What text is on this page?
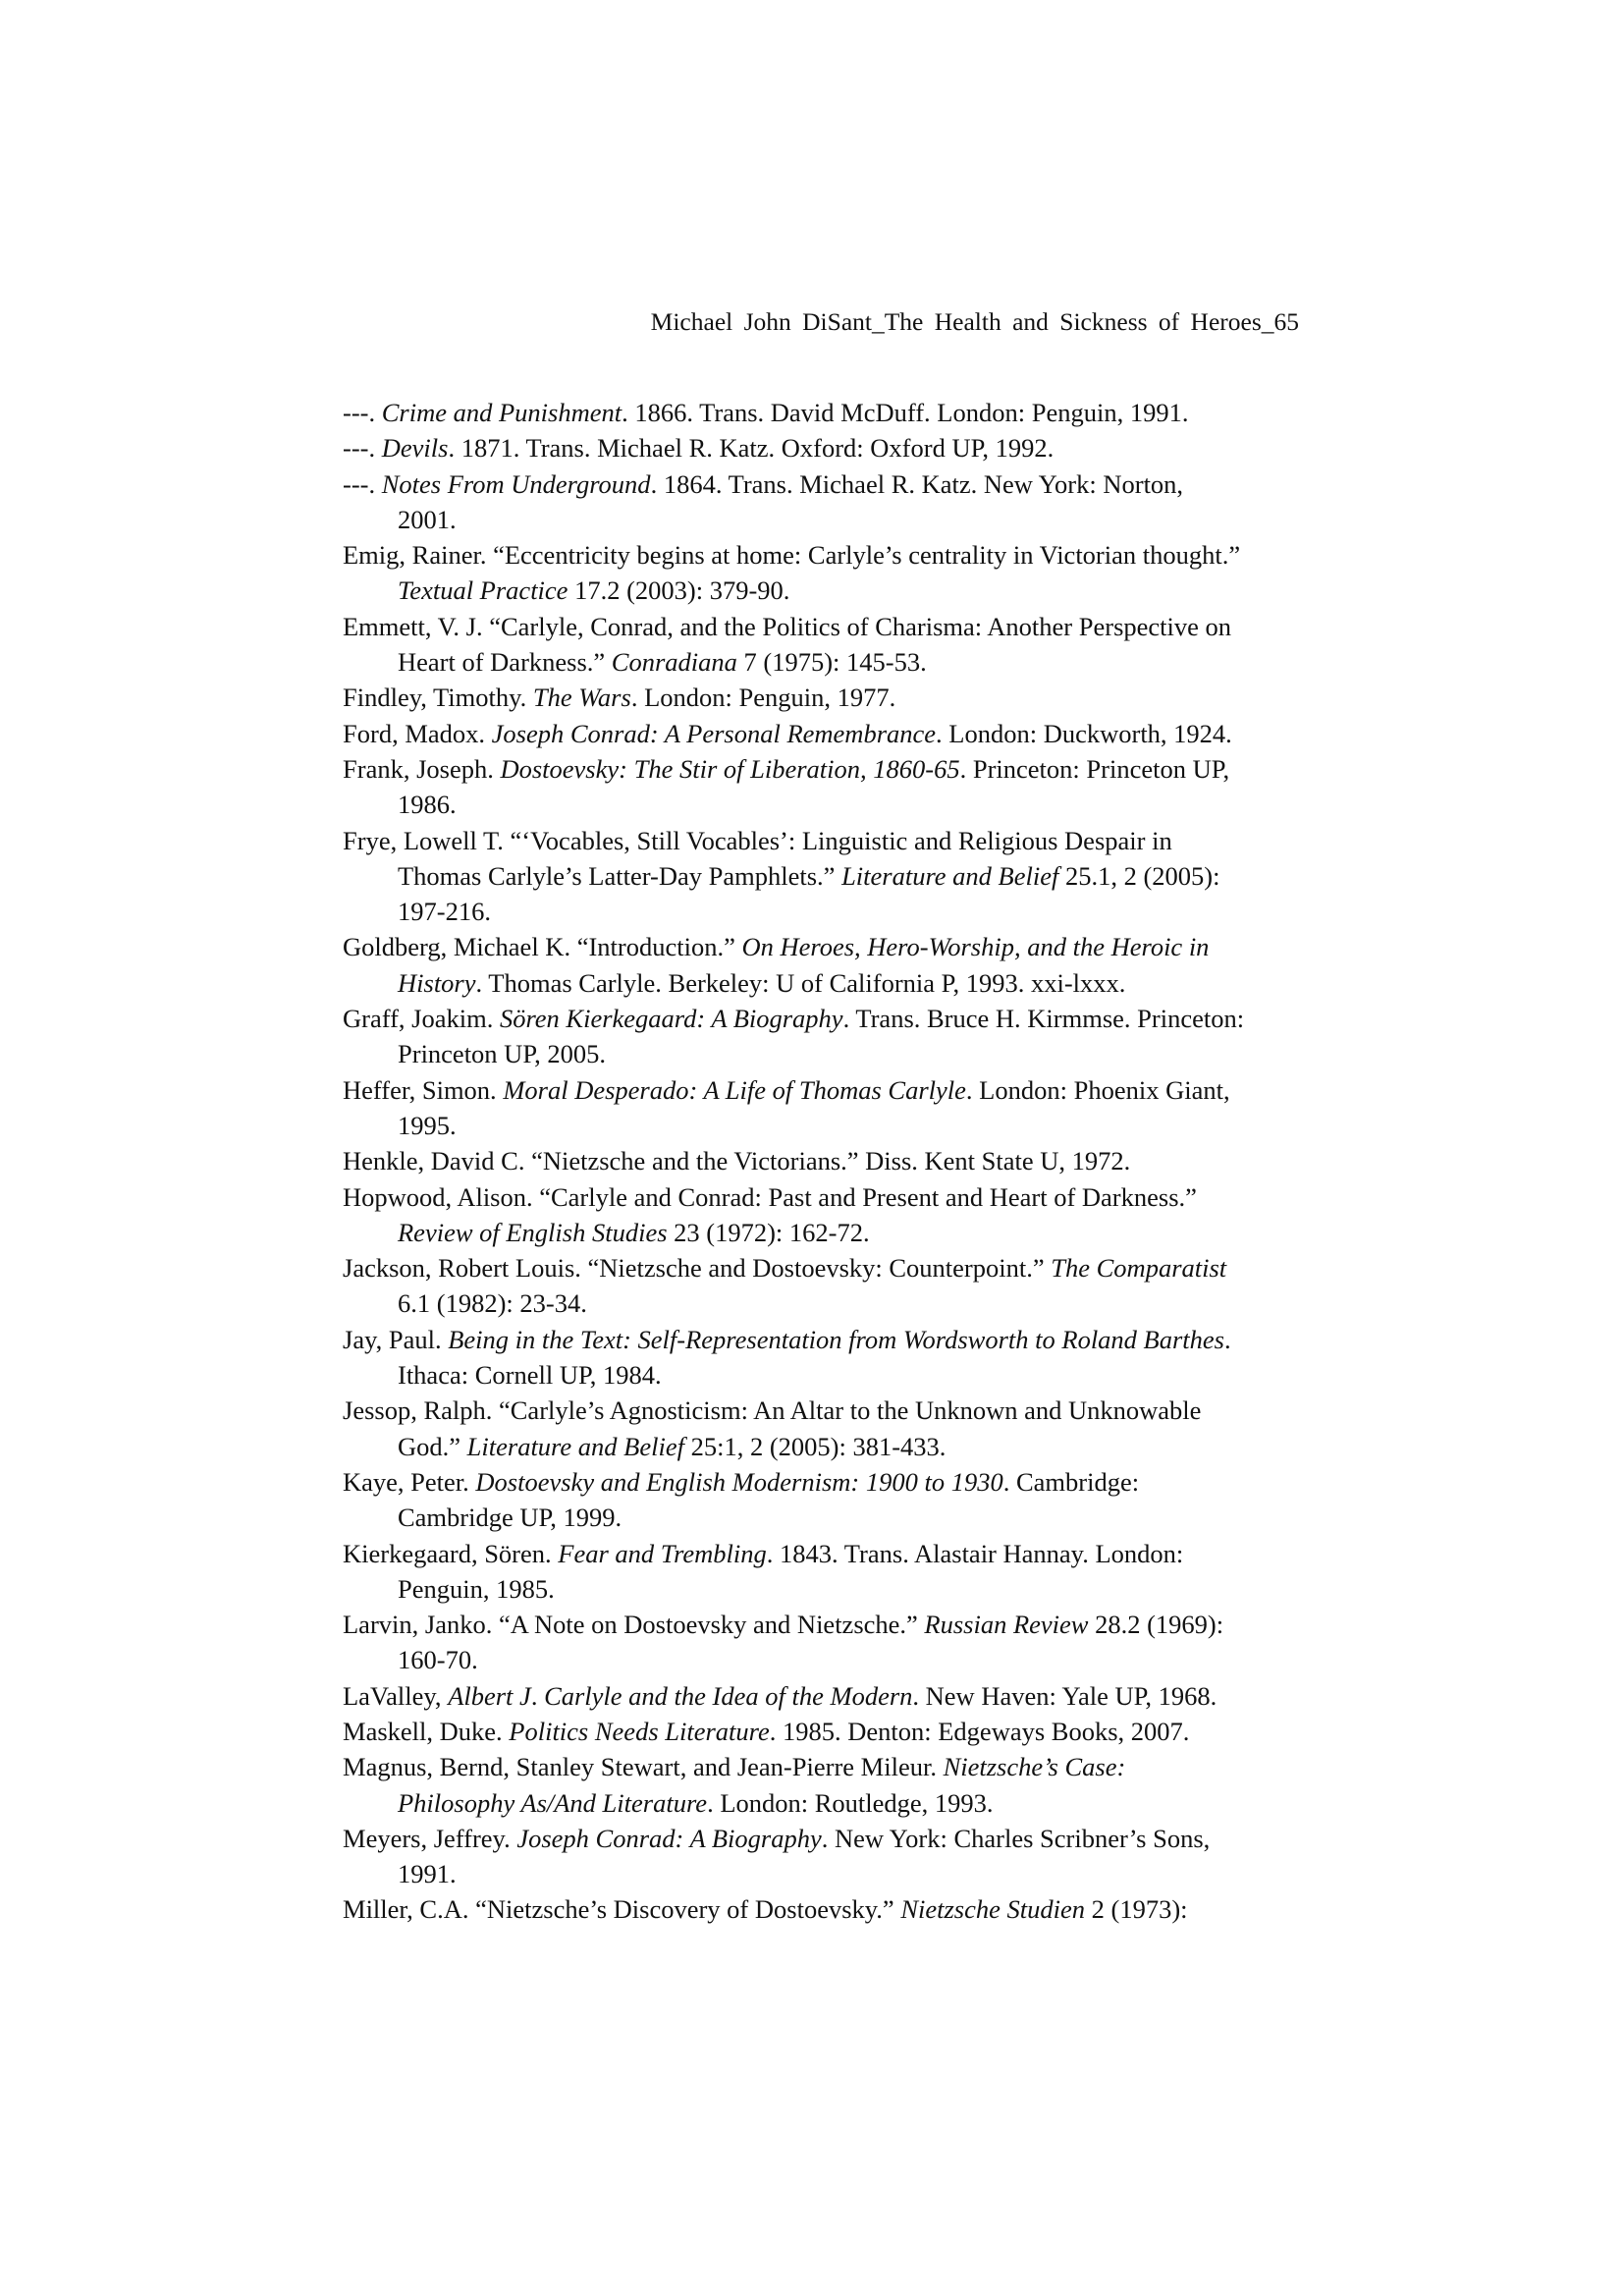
Michael John DiSant_The Health and Sickness of Heroes_65
---. Crime and Punishment. 1866. Trans. David McDuff. London: Penguin, 1991.
---. Devils. 1871. Trans. Michael R. Katz. Oxford: Oxford UP, 1992.
---. Notes From Underground. 1864. Trans. Michael R. Katz. New York: Norton,
2001.
Emig, Rainer. “Eccentricity begins at home: Carlyle’s centrality in Victorian thought.”
Textual Practice 17.2 (2003): 379-90.
Emmett, V. J. “Carlyle, Conrad, and the Politics of Charisma: Another Perspective on
Heart of Darkness.” Conradiana 7 (1975): 145-53.
Findley, Timothy. The Wars. London: Penguin, 1977.
Ford, Madox. Joseph Conrad: A Personal Remembrance. London: Duckworth, 1924.
Frank, Joseph. Dostoevsky: The Stir of Liberation, 1860-65. Princeton: Princeton UP,
1986.
Frye, Lowell T. “‘Vocables, Still Vocables’: Linguistic and Religious Despair in
Thomas Carlyle’s Latter-Day Pamphlets.” Literature and Belief 25.1, 2 (2005):
197-216.
Goldberg, Michael K. “Introduction.” On Heroes, Hero-Worship, and the Heroic in
History. Thomas Carlyle. Berkeley: U of California P, 1993. xxi-lxxx.
Graff, Joakim. Sören Kierkegaard: A Biography. Trans. Bruce H. Kirmmse. Princeton:
Princeton UP, 2005.
Heffer, Simon. Moral Desperado: A Life of Thomas Carlyle. London: Phoenix Giant,
1995.
Henkle, David C. “Nietzsche and the Victorians.” Diss. Kent State U, 1972.
Hopwood, Alison. “Carlyle and Conrad: Past and Present and Heart of Darkness.”
Review of English Studies 23 (1972): 162-72.
Jackson, Robert Louis. “Nietzsche and Dostoevsky: Counterpoint.” The Comparatist
6.1 (1982): 23-34.
Jay, Paul. Being in the Text: Self-Representation from Wordsworth to Roland Barthes.
Ithaca: Cornell UP, 1984.
Jessop, Ralph. “Carlyle’s Agnosticism: An Altar to the Unknown and Unknowable
God.” Literature and Belief 25:1, 2 (2005): 381-433.
Kaye, Peter. Dostoevsky and English Modernism: 1900 to 1930. Cambridge:
Cambridge UP, 1999.
Kierkegaard, Sören. Fear and Trembling. 1843. Trans. Alastair Hannay. London:
Penguin, 1985.
Larvin, Janko. “A Note on Dostoevsky and Nietzsche.” Russian Review 28.2 (1969):
160-70.
LaValley, Albert J. Carlyle and the Idea of the Modern. New Haven: Yale UP, 1968.
Maskell, Duke. Politics Needs Literature. 1985. Denton: Edgeways Books, 2007.
Magnus, Bernd, Stanley Stewart, and Jean-Pierre Mileur. Nietzsche’s Case:
Philosophy As/And Literature. London: Routledge, 1993.
Meyers, Jeffrey. Joseph Conrad: A Biography. New York: Charles Scribner’s Sons,
1991.
Miller, C.A. “Nietzsche’s Discovery of Dostoevsky.” Nietzsche Studien 2 (1973):
